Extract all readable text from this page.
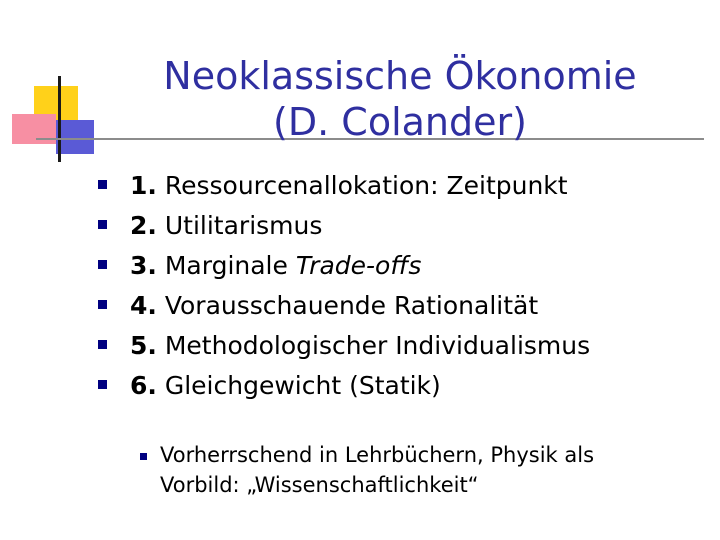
Neoklassische Ökonomie
(D. Colander)
1. Ressourcenallokation: Zeitpunkt
2. Utilitarismus
3. Marginale Trade-offs
4. Vorausschauende Rationalität
5. Methodologischer Individualismus
6. Gleichgewicht (Statik)
Vorherrschend in Lehrbüchern, Physik als
Vorbild: „Wissenschaftlichkeit“
